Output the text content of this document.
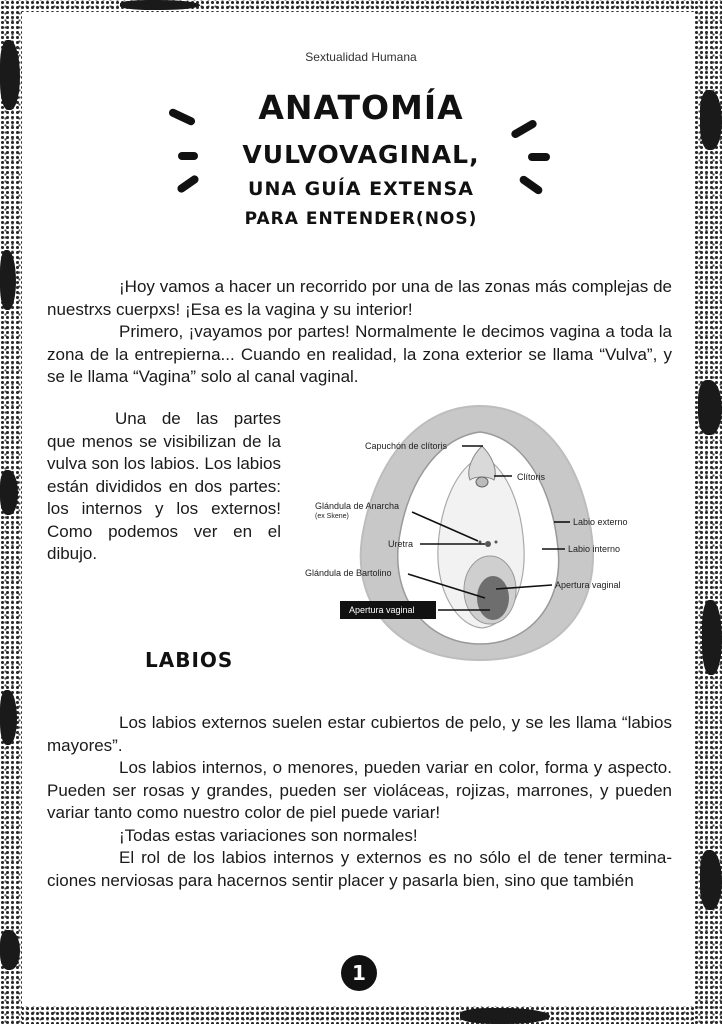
Sextualidad Humana
ANATOMÍA
VULVOVAGINAL,
UNA GUÍA EXTENSA
PARA ENTENDER(NOS)

¡Hoy vamos a hacer un recorrido por una de las zonas más complejas de nuestrxs cuerpxs! ¡Esa es la vagina y su interior!

Primero, ¡vayamos por partes! Normalmente le decimos vagina a toda la zona de la entrepierna... Cuando en realidad, la zona exterior se llama “Vulva”, y se le llama “Vagina” solo al canal vaginal.

Una de las partes que menos se visibilizan de la vulva son los labios. Los labios están divididos en dos partes: los internos y los externos! Como podemos ver en el dibujo.

Capuchón de clítoris
Clítoris
Glándula de Anarcha
(ex Skene)
Uretra
Glándula de Bartolino
Apertura vaginal
Labio externo
Labio interno
Apertura vaginal
LABIOS

Los labios externos suelen estar cubiertos de pelo, y se les llama “labios mayores”.

Los labios internos, o menores, pueden variar en color, forma y aspecto. Pueden ser rosas y grandes, pueden ser violáceas, rojizas, marrones, y pueden variar tanto como nuestro color de piel puede variar!

¡Todas estas variaciones son normales!

El rol de los labios internos y externos es no sólo el de tener termina-ciones nerviosas para hacernos sentir placer y pasarla bien, sino que también

1
